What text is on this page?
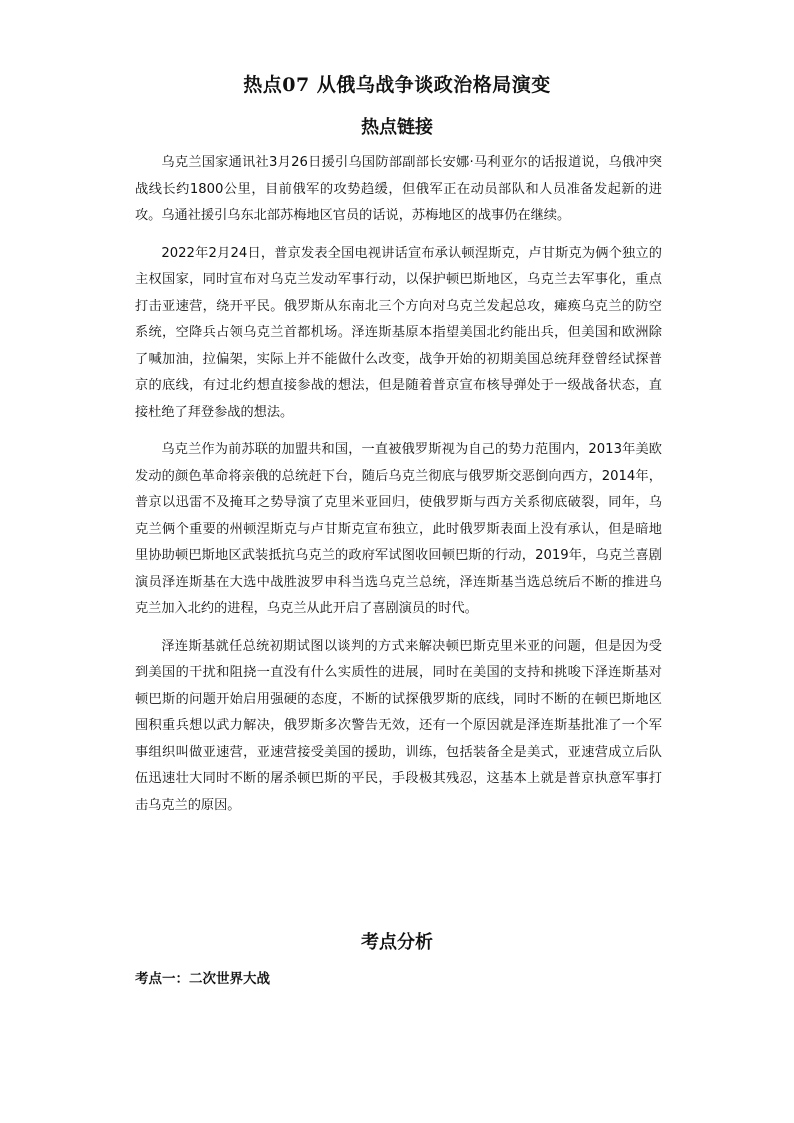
热点07 从俄乌战争谈政治格局演变
热点链接

乌克兰国家通讯社3月26日援引乌国防部副部长安娜·马利亚尔的话报道说，乌俄冲突战线长约1800公里，目前俄军的攻势趋缓，但俄军正在动员部队和人员准备发起新的进攻。乌通社援引乌东北部苏梅地区官员的话说，苏梅地区的战事仍在继续。

2022年2月24日，普京发表全国电视讲话宣布承认顿涅斯克，卢甘斯克为俩个独立的主权国家，同时宣布对乌克兰发动军事行动，以保护顿巴斯地区，乌克兰去军事化，重点打击亚速营，绕开平民。俄罗斯从东南北三个方向对乌克兰发起总攻，瘫痪乌克兰的防空系统，空降兵占领乌克兰首都机场。泽连斯基原本指望美国北约能出兵，但美国和欧洲除了喊加油，拉偏架，实际上并不能做什么改变，战争开始的初期美国总统拜登曾经试探普京的底线，有过北约想直接参战的想法，但是随着普京宣布核导弹处于一级战备状态，直接杜绝了拜登参战的想法。

乌克兰作为前苏联的加盟共和国，一直被俄罗斯视为自己的势力范围内，2013年美欧发动的颜色革命将亲俄的总统赶下台，随后乌克兰彻底与俄罗斯交恶倒向西方，2014年，普京以迅雷不及掩耳之势导演了克里米亚回归，使俄罗斯与西方关系彻底破裂，同年，乌克兰俩个重要的州顿涅斯克与卢甘斯克宣布独立，此时俄罗斯表面上没有承认，但是暗地里协助顿巴斯地区武装抵抗乌克兰的政府军试图收回顿巴斯的行动，2019年，乌克兰喜剧演员泽连斯基在大选中战胜波罗申科当选乌克兰总统，泽连斯基当选总统后不断的推进乌克兰加入北约的进程，乌克兰从此开启了喜剧演员的时代。

泽连斯基就任总统初期试图以谈判的方式来解决顿巴斯克里米亚的问题，但是因为受到美国的干扰和阻挠一直没有什么实质性的进展，同时在美国的支持和挑唆下泽连斯基对顿巴斯的问题开始启用强硬的态度，不断的试探俄罗斯的底线，同时不断的在顿巴斯地区囤积重兵想以武力解决，俄罗斯多次警告无效，还有一个原因就是泽连斯基批准了一个军事组织叫做亚速营，亚速营接受美国的援助，训练，包括装备全是美式，亚速营成立后队伍迅速壮大同时不断的屠杀顿巴斯的平民，手段极其残忍，这基本上就是普京执意军事打击乌克兰的原因。

考点分析
考点一：二次世界大战
